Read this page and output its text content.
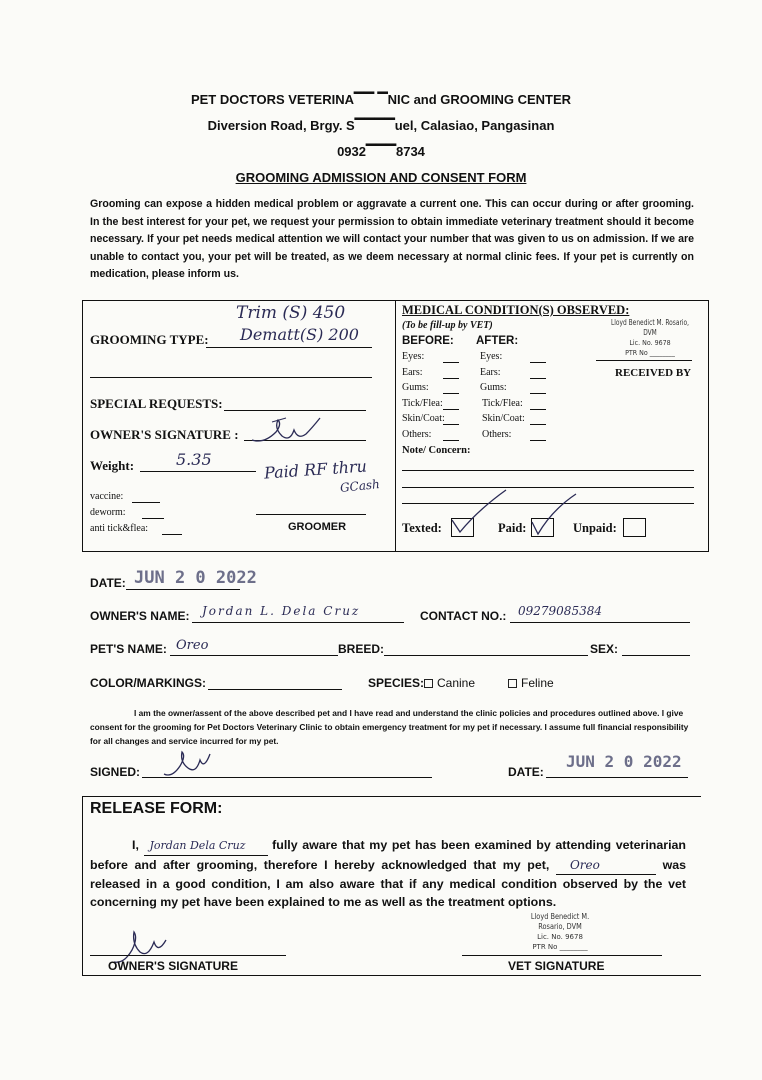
PET DOCTORS VETERINA▔▔ ▔NIC and GROOMING CENTER
Diversion Road, Brgy. S▔▔▔▔uel, Calasiao, Pangasinan
0932▔▔▔8734
GROOMING ADMISSION AND CONSENT FORM
Grooming can expose a hidden medical problem or aggravate a current one. This can occur during or after grooming. In the best interest for your pet, we request your permission to obtain immediate veterinary treatment should it become necessary. If your pet needs medical attention we will contact your number that was given to us on admission. If we are unable to contact you, your pet will be treated, as we deem necessary at normal clinic fees. If your pet is currently on medication, please inform us.
GROOMING TYPE:
Trim (S) 450
Dematt(S) 200
SPECIAL REQUESTS:
OWNER'S SIGNATURE :
Weight:	5.35	Paid RF thru
GCash
vaccine:
deworm:
anti tick&flea:	GROOMER
MEDICAL CONDITION(S) OBSERVED:
(To be fill-up by VET)
BEFORE: AFTER:
Lloyd Benedict M. Rosario, DVM
Lic. No. 9678
PTR No ________
RECEIVED BY
Eyes:	Eyes:
Ears:	Ears:
Gums:	Gums:
Tick/Flea:	Tick/Flea:
Skin/Coat:	Skin/Coat:
Others:	Others:
Note/ Concern:
Texted:	Paid:	Unpaid:
DATE: JUN 2 0 2022
OWNER'S NAME: Jordan L. Dela Cruz	CONTACT NO.: 09279085384
PET'S NAME: Oreo	BREED:	SEX:
COLOR/MARKINGS:	SPECIES:	Canine	Feline
I am the owner/assent of the above described pet and I have read and understand the clinic policies and procedures outlined above. I give consent for the grooming for Pet Doctors Veterinary Clinic to obtain emergency treatment for my pet if necessary. I assume full financial responsibility for all changes and service incurred for my pet.
SIGNED:	DATE:
JUN 2 0 2022
RELEASE FORM:
I, Jordan Dela Cruz fully aware that my pet has been examined by attending veterinarian before and after grooming, therefore I hereby acknowledged that my pet, Oreo	was released in a good condition, I am also aware that if any medical condition observed by the vet concerning my pet have been explained to me as well as the treatment options.
Lloyd Benedict M. Rosario, DVM
Lic. No. 9678
PTR No ________
OWNER'S SIGNATURE	VET SIGNATURE
